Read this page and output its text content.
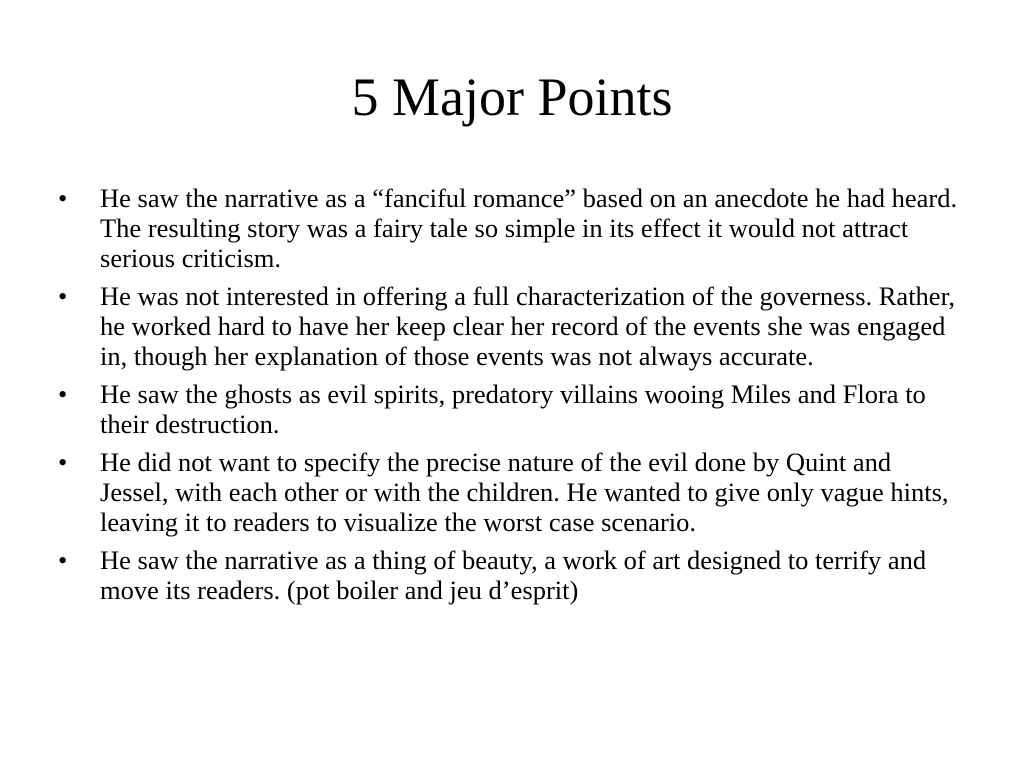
5 Major Points
•	He saw the narrative as a “fanciful romance” based on an anecdote he had heard. The resulting story was a fairy tale so simple in its effect it would not attract serious criticism.
•	He was not interested in offering a full characterization of the governess. Rather, he worked hard to have her keep clear her record of the events she was engaged in, though her explanation of those events was not always accurate.
•	He saw the ghosts as evil spirits, predatory villains wooing Miles and Flora to their destruction.
•	He did not want to specify the precise nature of the evil done by Quint and Jessel, with each other or with the children. He wanted to give only vague hints, leaving it to readers to visualize the worst case scenario.
•	He saw the narrative as a thing of beauty, a work of art designed to terrify and move its readers. (pot boiler and jeu d’esprit)
